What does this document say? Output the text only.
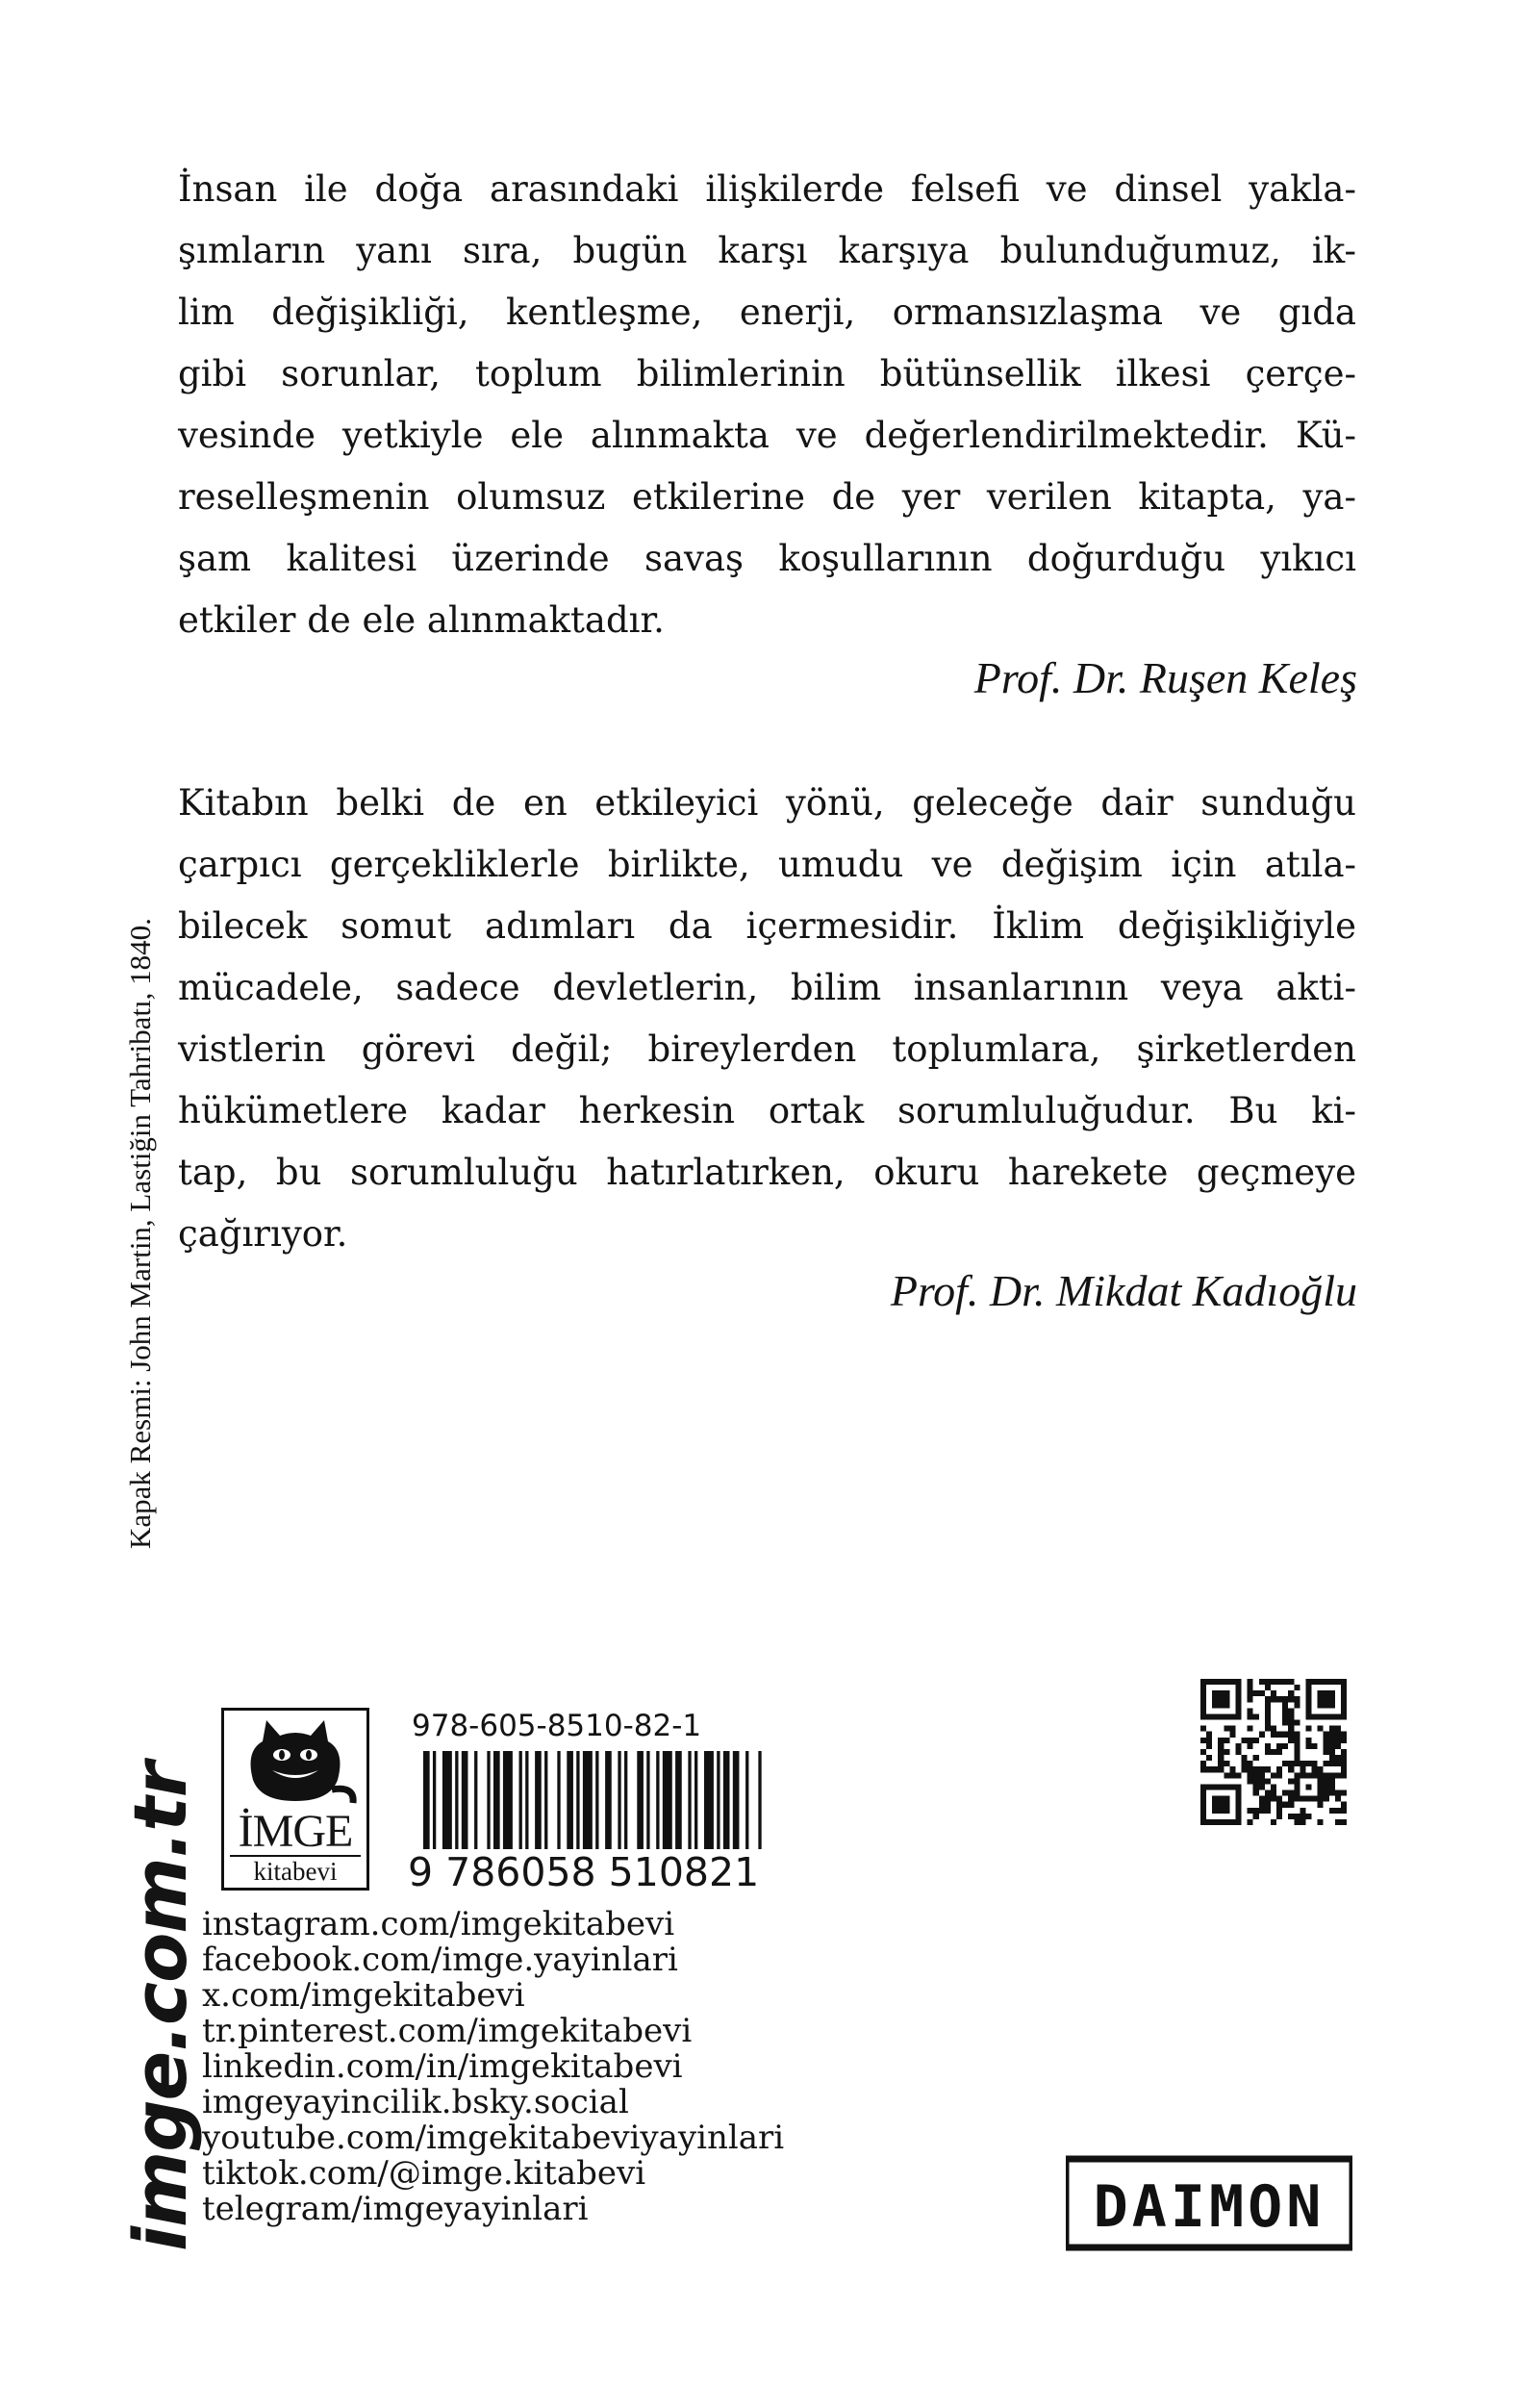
İnsan ile doğa arasındaki ilişkilerde felsefi ve dinsel yakla-
şımların yanı sıra, bugün karşı karşıya bulunduğumuz, ik-
lim değişikliği, kentleşme, enerji, ormansızlaşma ve gıda
gibi sorunlar, toplum bilimlerinin bütünsellik ilkesi çerçe-
vesinde yetkiyle ele alınmakta ve değerlendirilmektedir. Kü-
reselleşmenin olumsuz etkilerine de yer verilen kitapta, ya-
şam kalitesi üzerinde savaş koşullarının doğurduğu yıkıcı
etkiler de ele alınmaktadır.
Prof. Dr. Ruşen Keleş
Kitabın belki de en etkileyici yönü, geleceğe dair sunduğu
çarpıcı gerçekliklerle birlikte, umudu ve değişim için atıla-
bilecek somut adımları da içermesidir. İklim değişikliğiyle
mücadele, sadece devletlerin, bilim insanlarının veya akti-
vistlerin görevi değil; bireylerden toplumlara, şirketlerden
hükümetlere kadar herkesin ortak sorumluluğudur. Bu ki-
tap, bu sorumluluğu hatırlatırken, okuru harekete geçmeye
çağırıyor.
Prof. Dr. Mikdat Kadıoğlu
Kapak Resmi: John Martin, Lastiğin Tahribatı, 1840.
imge.com.tr İMGE
kitabevi
978-605-8510-82-1
9 786058 510821
instagram.com/imgekitabevi
facebook.com/imge.yayinlari
x.com/imgekitabevi
tr.pinterest.com/imgekitabevi
linkedin.com/in/imgekitabevi
imgeyayincilik.bsky.social
youtube.com/imgekitabeviyayinlari
tiktok.com/@imge.kitabevi
telegram/imgeyayinlari	DAIMON
